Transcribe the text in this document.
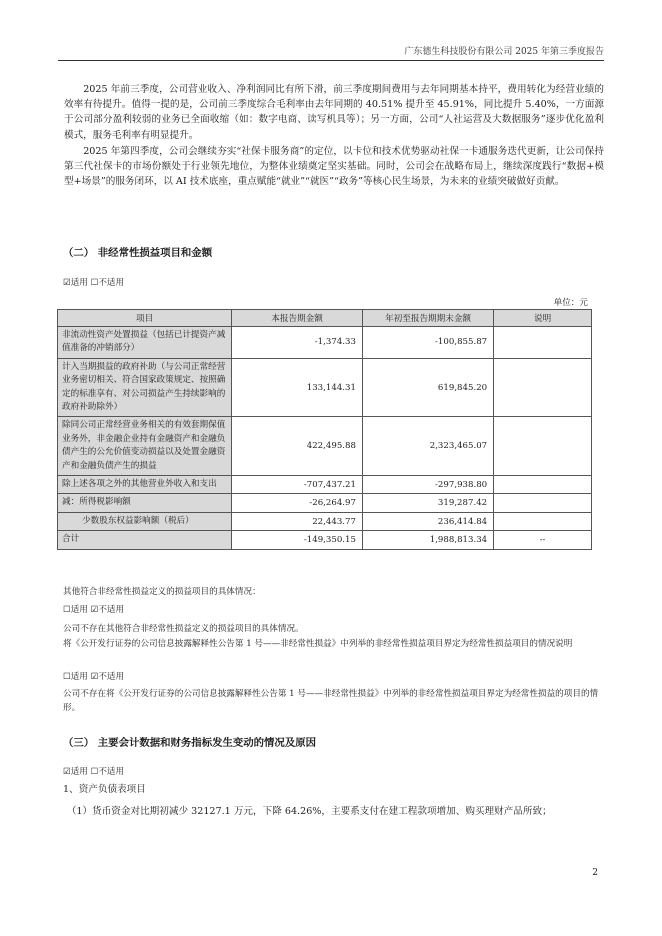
广东德生科技股份有限公司 2025 年第三季度报告

2025 年前三季度，公司营业收入、净利润同比有所下滑，前三季度期间费用与去年同期基本持平，费用转化为经营业绩的效率有待提升。值得一提的是，公司前三季度综合毛利率由去年同期的 40.51% 提升至 45.91%，同比提升 5.40%，一方面源于公司部分盈利较弱的业务已全面收缩（如：数字电商、读写机具等）；另一方面，公司“人社运营及大数据服务”逐步优化盈利模式，服务毛利率有明显提升。

2025 年第四季度，公司会继续夯实“社保卡服务商”的定位，以卡位和技术优势驱动社保一卡通服务迭代更新，让公司保持第三代社保卡的市场份额处于行业领先地位，为整体业绩奠定坚实基础。同时，公司会在战略布局上，继续深度践行“数据+模型+场景”的服务闭环，以 AI 技术底座，重点赋能“就业”“就医”“政务”等核心民生场景，为未来的业绩突破做好贡献。

（二） 非经常性损益项目和金额
☑适用 ☐不适用
单位：元
项目	本报告期金额	年初至报告期期末金额	说明
非流动性资产处置损益（包括已计提资产减值准备的冲销部分）	-1,374.33	-100,855.87	
计入当期损益的政府补助（与公司正常经营业务密切相关、符合国家政策规定、按照确定的标准享有、对公司损益产生持续影响的政府补助除外）	133,144.31	619,845.20	
除同公司正常经营业务相关的有效套期保值业务外，非金融企业持有金融资产和金融负债产生的公允价值变动损益以及处置金融资产和金融负债产生的损益	422,495.88	2,323,465.07	
除上述各项之外的其他营业外收入和支出	-707,437.21	-297,938.80	
减：所得税影响额	-26,264.97	319,287.42	
少数股东权益影响额（税后）	22,443.77	236,414.84	
合计	-149,350.15	1,988,813.34	--
其他符合非经常性损益定义的损益项目的具体情况：
☐适用 ☑不适用
公司不存在其他符合非经常性损益定义的损益项目的具体情况。
将《公开发行证券的公司信息披露解释性公告第 1 号——非经常性损益》中列举的非经常性损益项目界定为经常性损益项目的情况说明
☐适用 ☑不适用
公司不存在将《公开发行证券的公司信息披露解释性公告第 1 号——非经常性损益》中列举的非经常性损益项目界定为经常性损益的项目的情形。
（三） 主要会计数据和财务指标发生变动的情况及原因
☑适用 ☐不适用
1、资产负债表项目
（1）货币资金对比期初减少 32127.1 万元，下降 64.26%，主要系支付在建工程款项增加、购买理财产品所致；
2
